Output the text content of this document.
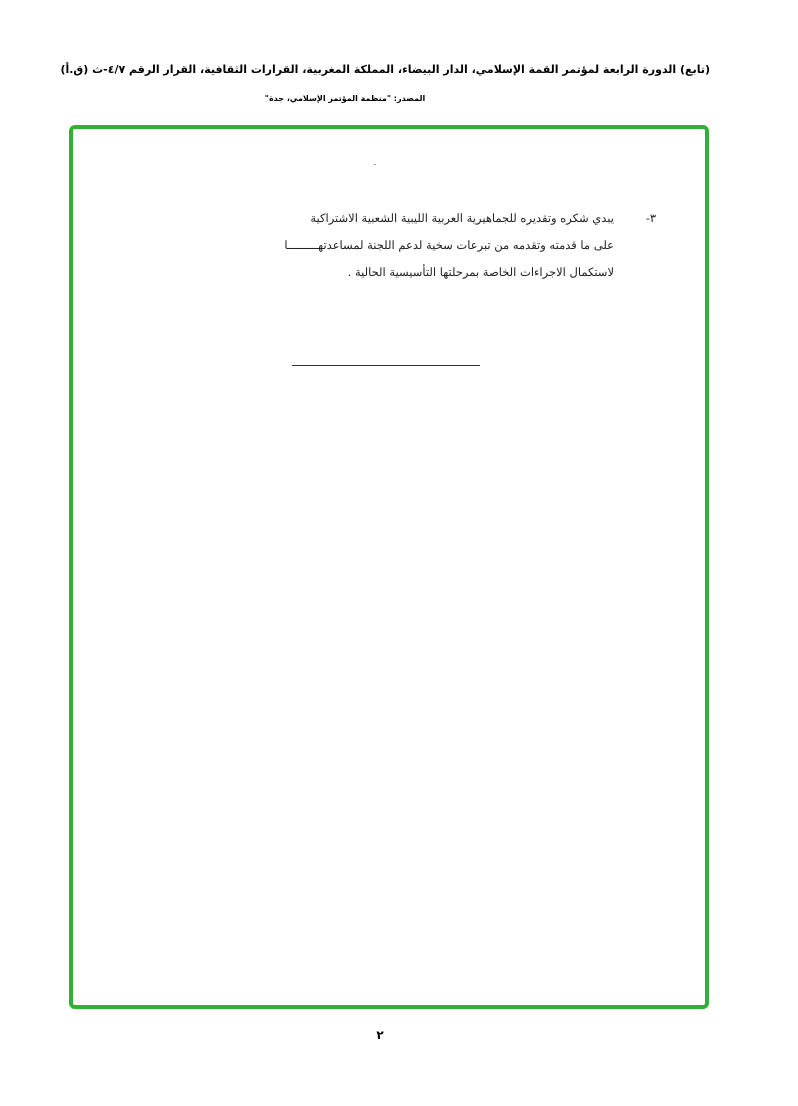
(تابع) الدورة الرابعة لمؤتمر القمة الإسلامي، الدار البيضاء، المملكة المغربية، القرارات الثقافية، القرار الرقم ٤/٧-ث (ق.أ)
المصدر: "منظمة المؤتمر الإسلامي، جدة"
٣-يبدي شكره وتقديره للجماهيرية العربية الليبية الشعبية الاشتراكية
على ما قدمته وتقدمه من تبرعات سخية لدعم اللجنة لمساعدتهـــــــــا
لاستكمال الاجراءات الخاصة بمرحلتها التأسيسية الحالية .
٢
